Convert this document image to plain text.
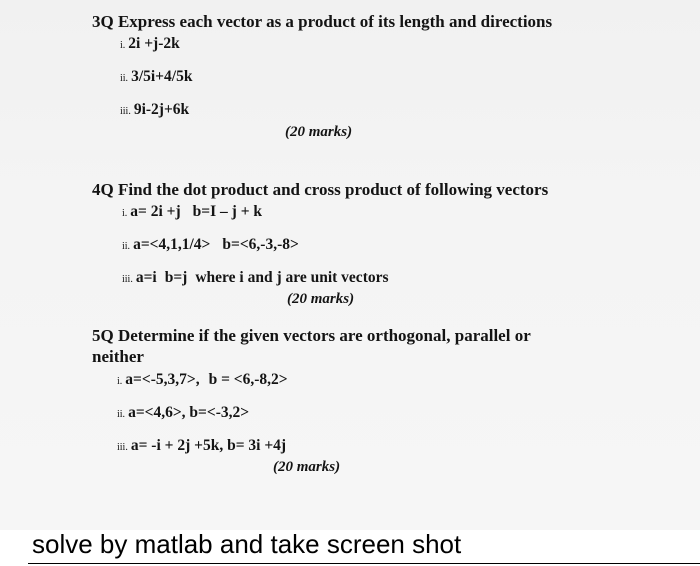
3Q Express each vector as a product of its length and directions
i. 2i +j-2k
ii. 3/5i+4/5k
iii. 9i-2j+6k
(20 marks)
4Q Find the dot product and cross product of following vectors
i. a= 2i +j b=I – j + k
ii. a=<4,1,1/4> b=<6,-3,-8>
iii. a=i b=j where i and j are unit vectors
(20 marks)
5Q Determine if the given vectors are orthogonal, parallel or
neither
i. a=<-5,3,7>, b = <6,-8,2>
ii. a=<4,6>, b=<-3,2>
iii. a= -i + 2j +5k, b= 3i +4j
(20 marks)
solve by matlab and take screen shot
